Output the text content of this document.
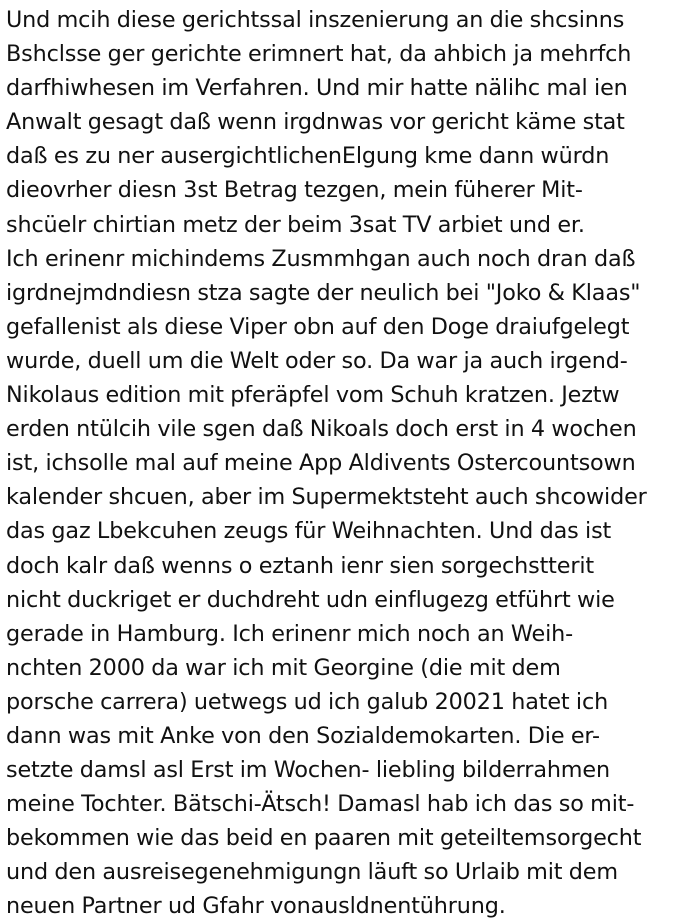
Und mcih diese gerichtssal inszenierung an die shcsinns
Bshclsse ger gerichte erimnert hat, da ahbich ja mehrfch
darfhiwhesen im Verfahren. Und mir hatte nälihc mal ien
Anwalt gesagt daß wenn irgdnwas vor gericht käme stat
daß es zu ner ausergichtlichenElgung kme dann würdn
dieovrher diesn 3st Betrag tezgen, mein füherer Mit-
shcüelr chirtian metz der beim 3sat TV arbiet und er.
Ich erinenr michindems Zusmmhgan auch noch dran daß
igrdnejmdndiesn stza sagte der neulich bei "Joko & Klaas"
gefallenist als diese Viper obn auf den Doge draiufgelegt
wurde, duell um die Welt oder so. Da war ja auch irgend-
Nikolaus edition mit pferäpfel vom Schuh kratzen. Jeztw
erden ntülcih vile sgen daß Nikoals doch erst in 4 wochen
ist, ichsolle mal auf meine App Aldivents Ostercountsown
kalender shcuen, aber im Supermektsteht auch shcowider
das gaz Lbekcuhen zeugs für Weihnachten. Und das ist
doch kalr daß wenns o eztanh ienr sien sorgechstterit
nicht duckriget er duchdreht udn einflugezg etführt wie
gerade in Hamburg. Ich erinenr mich noch an Weih-
nchten 2000 da war ich mit Georgine (die mit dem
porsche carrera) uetwegs ud ich galub 20021 hatet ich
dann was mit Anke von den Sozialdemokarten. Die er-
setzte damsl asl Erst im Wochen- liebling bilderrahmen
meine Tochter. Bätschi-Ätsch! Damasl hab ich das so mit-
bekommen wie das beid en paaren mit geteiltemsorgecht
und den ausreisegenehmigungn läuft so Urlaib mit dem
neuen Partner ud Gfahr vonausldnentührung.
